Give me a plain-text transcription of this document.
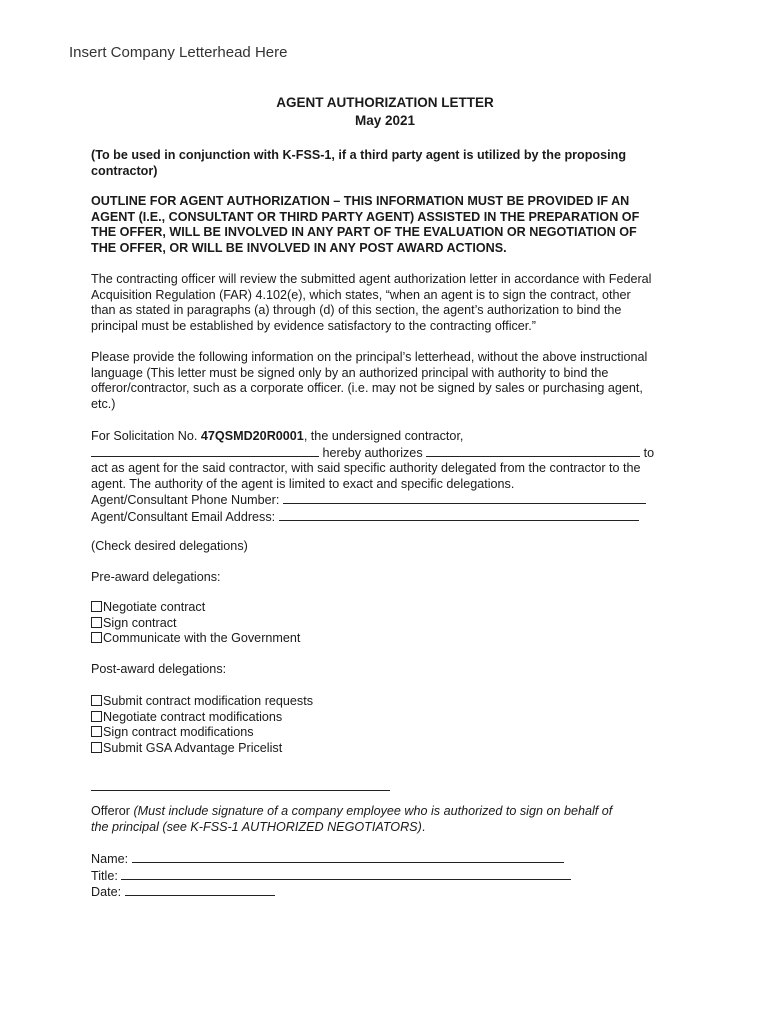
Insert Company Letterhead Here
AGENT AUTHORIZATION LETTER
May 2021
(To be used in conjunction with K-FSS-1, if a third party agent is utilized by the proposing
contractor)
OUTLINE FOR AGENT AUTHORIZATION – THIS INFORMATION MUST BE PROVIDED IF AN
AGENT (I.E., CONSULTANT OR THIRD PARTY AGENT) ASSISTED IN THE PREPARATION OF
THE OFFER, WILL BE INVOLVED IN ANY PART OF THE EVALUATION OR NEGOTIATION OF
THE OFFER, OR WILL BE INVOLVED IN ANY POST AWARD ACTIONS.
The contracting officer will review the submitted agent authorization letter in accordance with Federal
Acquisition Regulation (FAR) 4.102(e), which states, “when an agent is to sign the contract, other
than as stated in paragraphs (a) through (d) of this section, the agent’s authorization to bind the
principal must be established by evidence satisfactory to the contracting officer.”
Please provide the following information on the principal’s letterhead, without the above instructional
language (This letter must be signed only by an authorized principal with authority to bind the
offeror/contractor, such as a corporate officer. (i.e. may not be signed by sales or purchasing agent,
etc.)
For Solicitation No. 47QSMD20R0001, the undersigned contractor,
hereby authorizes	to
act as agent for the said contractor, with said specific authority delegated from the contractor to the
agent. The authority of the agent is limited to exact and specific delegations.
Agent/Consultant Phone Number:
Agent/Consultant Email Address:
(Check desired delegations)
Pre-award delegations:
Negotiate contract
Sign contract
Communicate with the Government
Post-award delegations:
Submit contract modification requests
Negotiate contract modifications
Sign contract modifications
Submit GSA Advantage Pricelist
Offeror (Must include signature of a company employee who is authorized to sign on behalf of
the principal (see K-FSS-1 AUTHORIZED NEGOTIATORS).
Name:
Title:
Date:
